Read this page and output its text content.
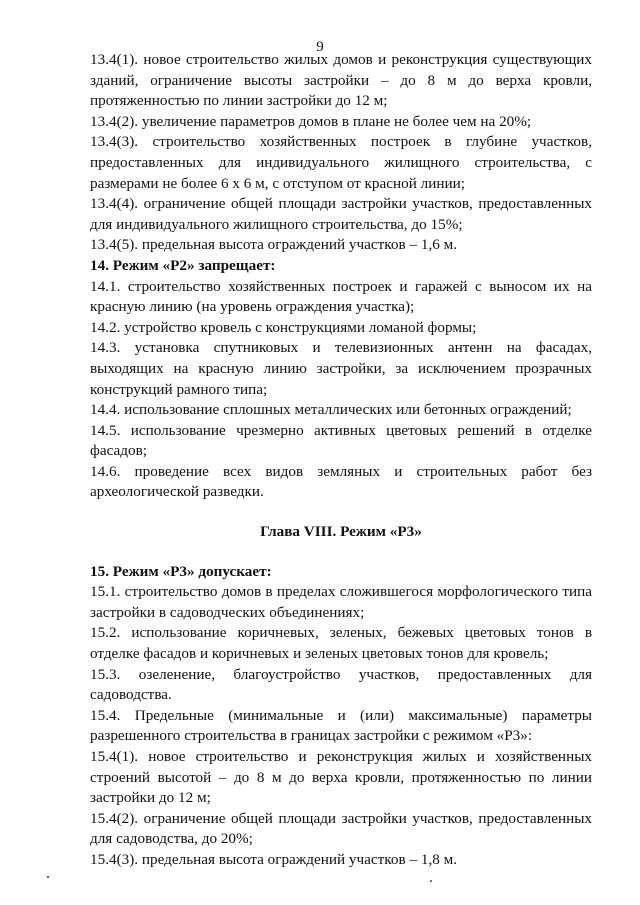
9

13.4(1). новое строительство жилых домов и реконструкция существующих зданий, ограничение высоты застройки – до 8 м до верха кровли, протяженностью по линии застройки до 12 м;

13.4(2). увеличение параметров домов в плане не более чем на 20%;

13.4(3). строительство хозяйственных построек в глубине участков, предоставленных для индивидуального жилищного строительства, с размерами не более 6 х 6 м, с отступом от красной линии;

13.4(4). ограничение общей площади застройки участков, предоставленных для индивидуального жилищного строительства, до 15%;

13.4(5). предельная высота ограждений участков – 1,6 м.

14. Режим «Р2» запрещает:

14.1. строительство хозяйственных построек и гаражей с выносом их на красную линию (на уровень ограждения участка);

14.2. устройство кровель с конструкциями ломаной формы;

14.3. установка спутниковых и телевизионных антенн на фасадах, выходящих на красную линию застройки, за исключением прозрачных конструкций рамного типа;

14.4. использование сплошных металлических или бетонных ограждений;

14.5. использование чрезмерно активных цветовых решений в отделке фасадов;

14.6. проведение всех видов земляных и строительных работ без археологической разведки.

Глава VIII. Режим «Р3»

15. Режим «Р3» допускает:

15.1. строительство домов в пределах сложившегося морфологического типа застройки в садоводческих объединениях;

15.2. использование коричневых, зеленых, бежевых цветовых тонов в отделке фасадов и коричневых и зеленых цветовых тонов для кровель;

15.3. озеленение, благоустройство участков, предоставленных для садоводства.

15.4. Предельные (минимальные и (или) максимальные) параметры разрешенного строительства в границах застройки с режимом «Р3»:

15.4(1). новое строительство и реконструкция жилых и хозяйственных строений высотой – до 8 м до верха кровли, протяженностью по линии застройки до 12 м;

15.4(2). ограничение общей площади застройки участков, предоставленных для садоводства, до 20%;

15.4(3). предельная высота ограждений участков – 1,8 м.
